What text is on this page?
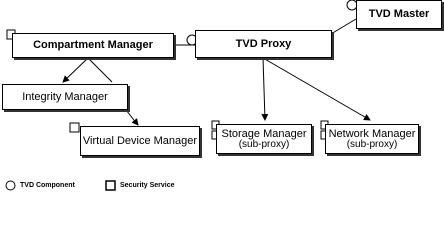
TVD Master
Compartment Manager	TVD Proxy
Integrity Manager
Virtual Device Manager
Storage Manager
(sub-proxy)
Network Manager
(sub-proxy)
TVD Component	Security Service
